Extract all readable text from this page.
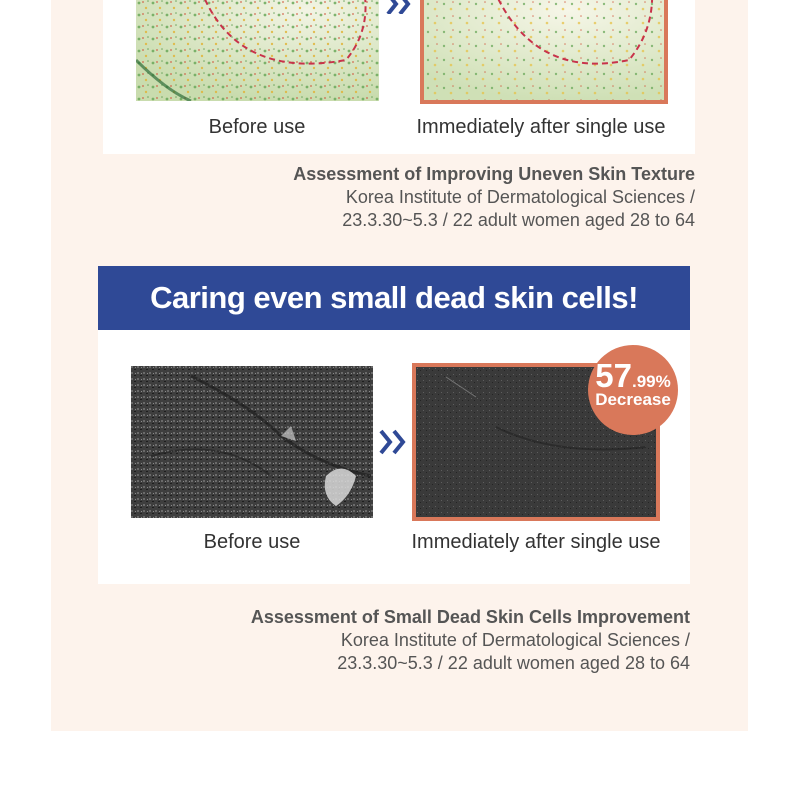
Before use	Immediately after single use
Assessment of Improving Uneven Skin Texture
Korea Institute of Dermatological Sciences /
23.3.30~5.3 / 22 adult women aged 28 to 64
Caring even small dead skin cells!
57.99%
Decrease
Before use	Immediately after single use
Assessment of Small Dead Skin Cells Improvement
Korea Institute of Dermatological Sciences /
23.3.30~5.3 / 22 adult women aged 28 to 64
